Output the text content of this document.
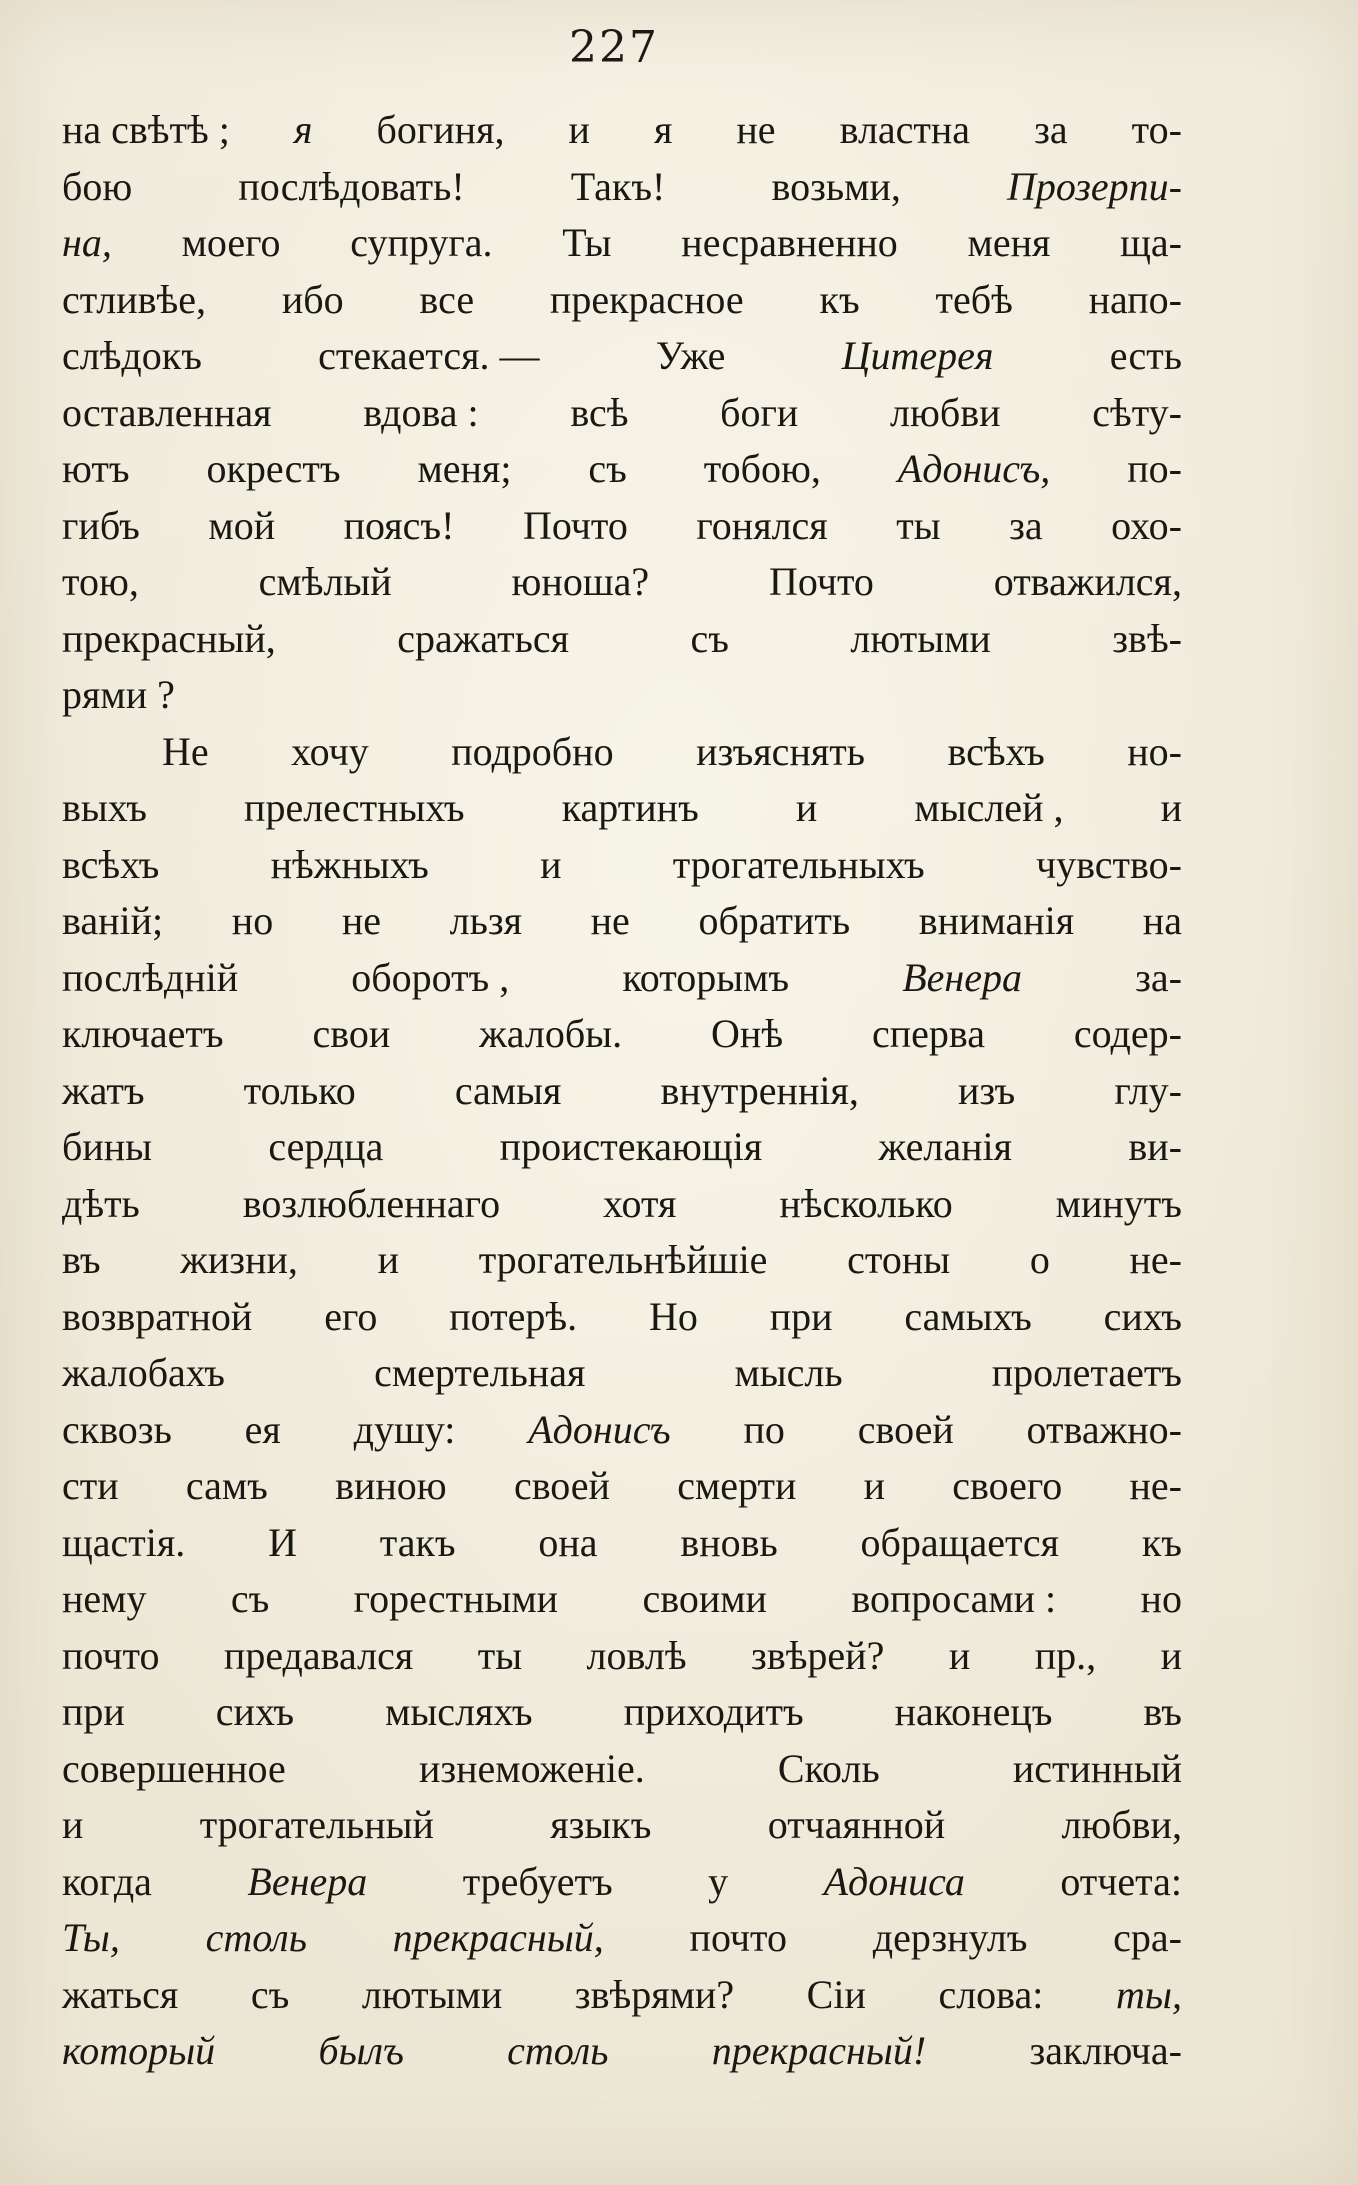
227
на свѣтѣ ; я богиня, и я не властна за то-
бою	послѣдовать!	Такъ!	возьми,	Прозерпи-
на, моего супруга. Ты несравненно меня ща-
стливѣе, ибо все прекрасное къ тебѣ напо-
слѣдокъ	стекается. —	Уже	Цитерея	есть
оставленная вдова : всѣ боги любви сѣту-
ютъ окрестъ меня; съ тобою, Адонисъ, по-
гибъ мой поясъ! Почто гонялся ты за охо-
тою,	смѣлый	юноша?	Почто	отважился,
прекрасный,	сражаться	съ	лютыми	звѣ-
рями ?
Не хочу подробно изъяснять всѣхъ но-
выхъ прелестныхъ картинъ и мыслей , и
всѣхъ	нѣжныхъ	и	трогательныхъ	чувство-
ваній; но не льзя не обратить вниманія на
послѣдній	оборотъ ,	которымъ	Венера	за-
ключаетъ свои жалобы. Онѣ сперва содер-
жатъ только самыя внутреннія, изъ глу-
бины	сердца	проистекающія	желанія	ви-
дѣть	возлюбленнаго	хотя	нѣсколько	минутъ
въ жизни, и трогательнѣйшіе стоны о не-
возвратной его потерѣ. Но при самыхъ сихъ
жалобахъ	смертельная	мысль	пролетаетъ
сквозь ея душу: Адонисъ по своей отважно-
сти самъ виною своей смерти и своего не-
щастія. И такъ она вновь обращается къ
нему съ горестными своими вопросами : но
почто предавался ты ловлѣ звѣрей? и пр., и
при сихъ мысляхъ приходитъ наконецъ въ
совершенное	изнеможеніе.	Сколь	истинный
и	трогательный	языкъ	отчаянной	любви,
когда Венера требуетъ у Адониса отчета:
Ты, столь прекрасный, почто дерзнулъ сра-
жаться съ лютыми звѣрями? Сіи слова: ты,
который	былъ	столь	прекрасный!	заключа-
